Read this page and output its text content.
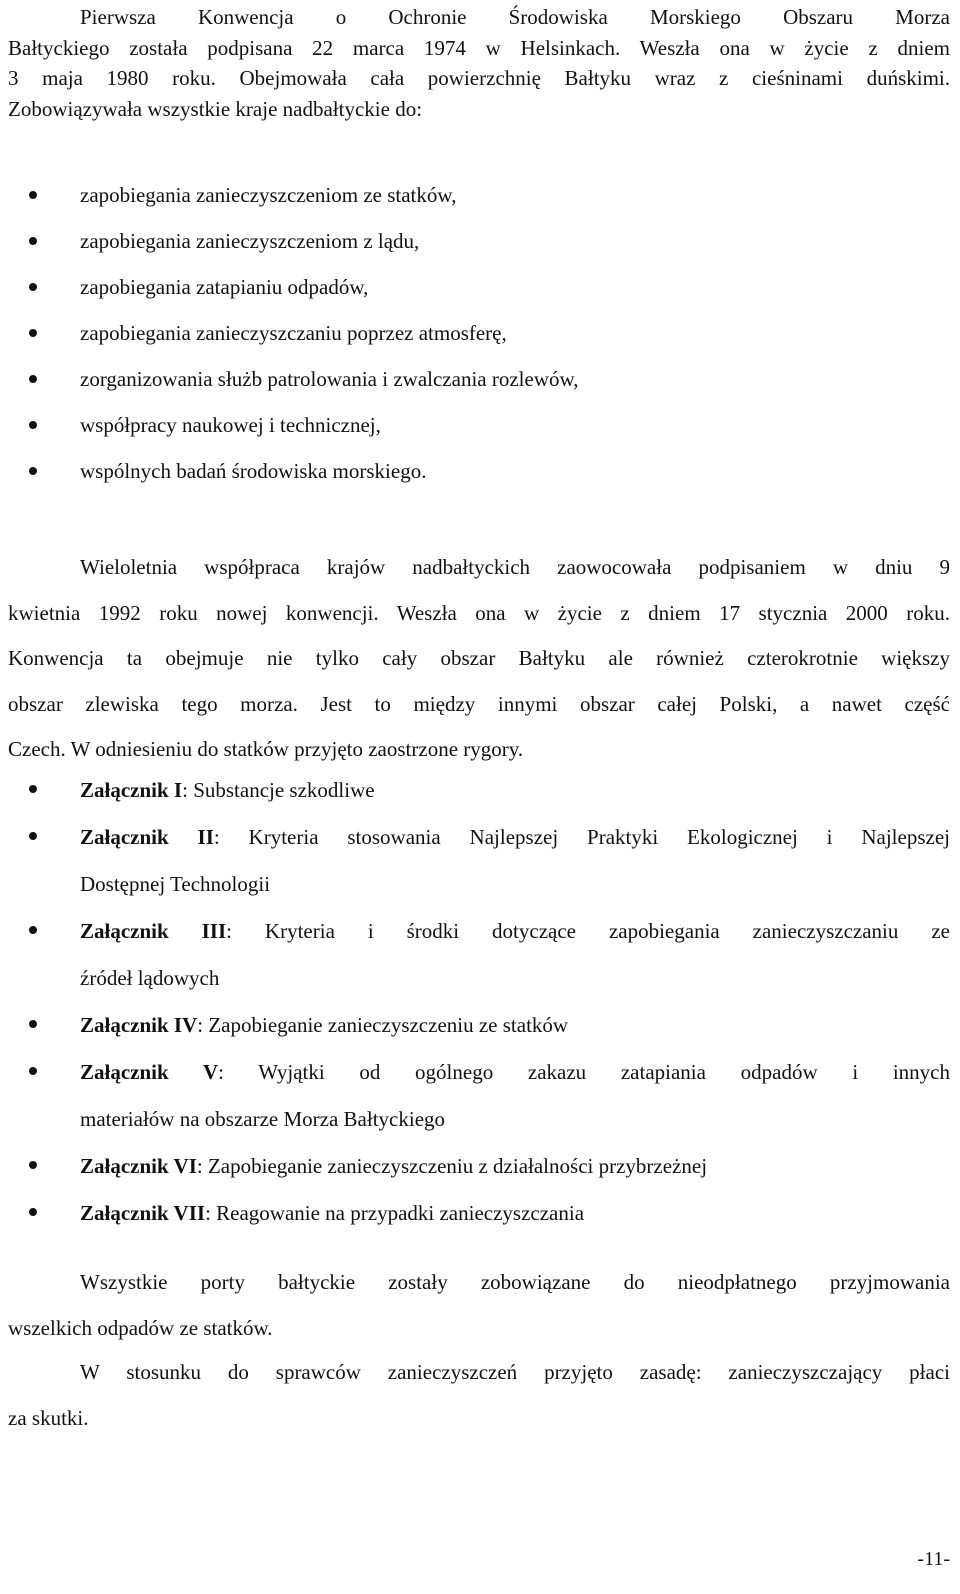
Pierwsza Konwencja o Ochronie Środowiska Morskiego Obszaru Morza
Bałtyckiego została podpisana 22 marca 1974 w Helsinkach. Weszła ona w życie z dniem
3 maja 1980 roku. Obejmowała cała powierzchnię Bałtyku wraz z cieśninami duńskimi.
Zobowiązywała wszystkie kraje nadbałtyckie do:
zapobiegania zanieczyszczeniom ze statków,
zapobiegania zanieczyszczeniom z lądu,
zapobiegania zatapianiu odpadów,
zapobiegania zanieczyszczaniu poprzez atmosferę,
zorganizowania służb patrolowania i zwalczania rozlewów,
współpracy naukowej i technicznej,
wspólnych badań środowiska morskiego.
Wieloletnia współpraca krajów nadbałtyckich zaowocowała podpisaniem w dniu 9
kwietnia 1992 roku nowej konwencji. Weszła ona w życie z dniem 17 stycznia 2000 roku.
Konwencja ta obejmuje nie tylko cały obszar Bałtyku ale również czterokrotnie większy
obszar zlewiska tego morza. Jest to między innymi obszar całej Polski, a nawet część
Czech. W odniesieniu do statków przyjęto zaostrzone rygory.
Załącznik I: Substancje szkodliwe
Załącznik II: Kryteria stosowania Najlepszej Praktyki Ekologicznej i Najlepszej
Dostępnej Technologii
Załącznik III: Kryteria i środki dotyczące zapobiegania zanieczyszczaniu ze
źródeł lądowych
Załącznik IV: Zapobieganie zanieczyszczeniu ze statków
Załącznik V: Wyjątki od ogólnego zakazu zatapiania odpadów i innych
materiałów na obszarze Morza Bałtyckiego
Załącznik VI: Zapobieganie zanieczyszczeniu z działalności przybrzeżnej
Załącznik VII: Reagowanie na przypadki zanieczyszczania
Wszystkie porty bałtyckie zostały zobowiązane do nieodpłatnego przyjmowania
wszelkich odpadów ze statków.
W stosunku do sprawców zanieczyszczeń przyjęto zasadę: zanieczyszczający płaci
za skutki.
-11-
